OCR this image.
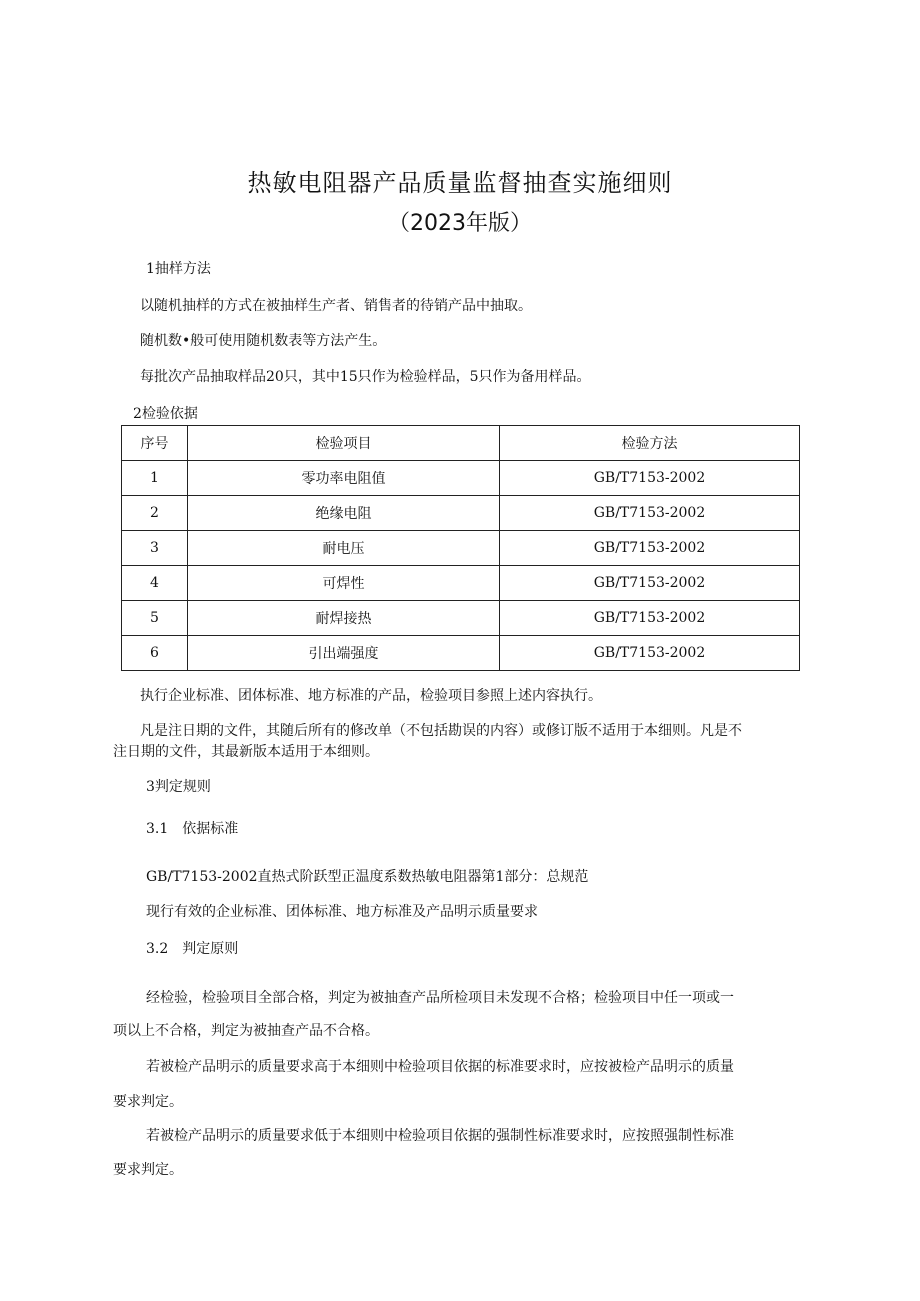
热敏电阻器产品质量监督抽查实施细则
（2023年版）
1抽样方法
以随机抽样的方式在被抽样生产者、销售者的待销产品中抽取。
随机数•般可使用随机数表等方法产生。
每批次产品抽取样品20只，其中15只作为检验样品，5只作为备用样品。
2检验依据
序号	检验项目	检验方法
1	零功率电阻值	GB/T7153-2002
2	绝缘电阻	GB/T7153-2002
3	耐电压	GB/T7153-2002
4	可焊性	GB/T7153-2002
5	耐焊接热	GB/T7153-2002
6	引出端强度	GB/T7153-2002
执行企业标准、团体标准、地方标准的产品，检验项目参照上述内容执行。
凡是注日期的文件，其随后所有的修改单（不包括勘误的内容）或修订版不适用于本细则。凡是不
注日期的文件，其最新版本适用于本细则。
3判定规则
3.1　依据标准
GB/T7153-2002直热式阶跃型正温度系数热敏电阻器第1部分：总规范
现行有效的企业标准、团体标准、地方标准及产品明示质量要求
3.2　判定原则
经检验，检验项目全部合格，判定为被抽查产品所检项目未发现不合格；检验项目中任一项或一
项以上不合格，判定为被抽查产品不合格。
若被检产品明示的质量要求高于本细则中检验项目依据的标准要求时，应按被检产品明示的质量
要求判定。
若被检产品明示的质量要求低于本细则中检验项目依据的强制性标准要求时，应按照强制性标准
要求判定。
